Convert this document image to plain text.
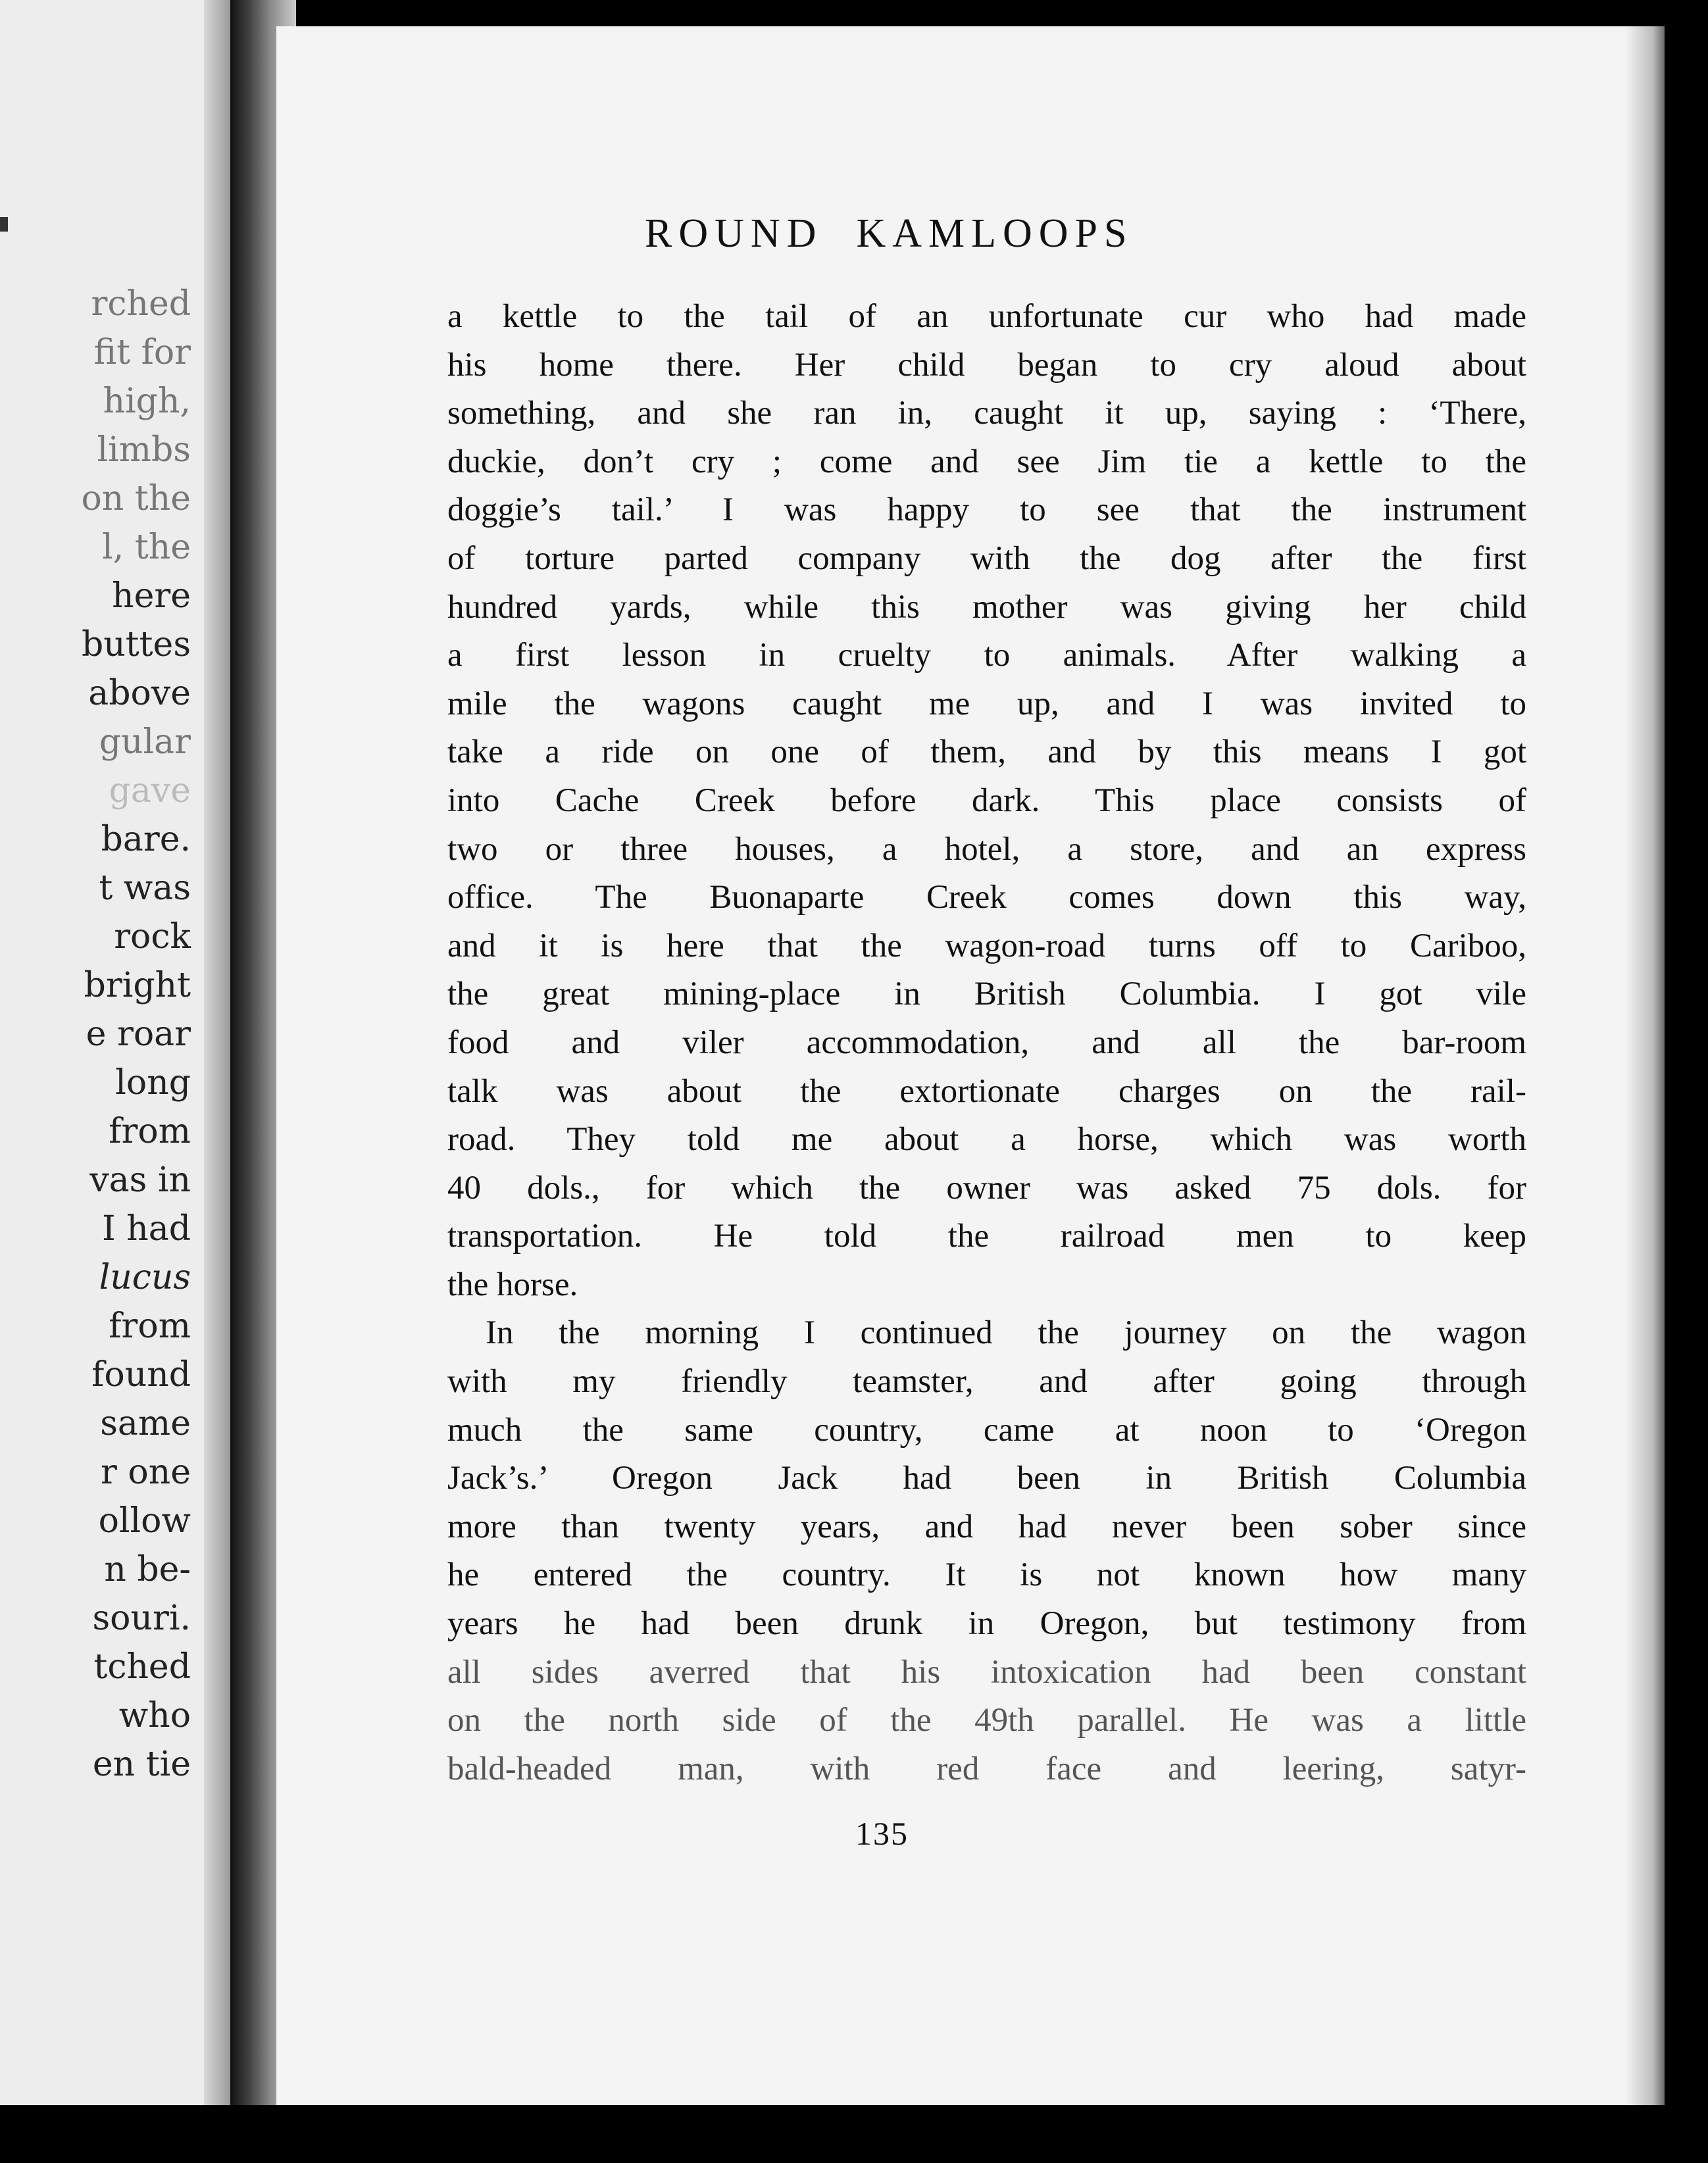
rched
fit for
high,
limbs
on the
l, the
here
buttes
above
gular
gave
bare.
t was
rock
bright
e roar
long
from
vas in
I had
lucus
from
found
same
r one
ollow
n be-
souri.
tched
who
en tie
ROUND KAMLOOPS
a kettle to the tail of an unfortunate cur who had made
his home there. Her child began to cry aloud about
something, and she ran in, caught it up, saying : ‘There,
duckie, don’t cry ; come and see Jim tie a kettle to the
doggie’s tail.’ I was happy to see that the instrument
of torture parted company with the dog after the first
hundred yards, while this mother was giving her child
a first lesson in cruelty to animals. After walking a
mile the wagons caught me up, and I was invited to
take a ride on one of them, and by this means I got
into Cache Creek before dark. This place consists of
two or three houses, a hotel, a store, and an express
office. The Buonaparte Creek comes down this way,
and it is here that the wagon-road turns off to Cariboo,
the great mining-place in British Columbia. I got vile
food and viler accommodation, and all the bar-room
talk was about the extortionate charges on the rail-
road. They told me about a horse, which was worth
40 dols., for which the owner was asked 75 dols. for
transportation. He told the railroad men to keep
the horse.
In the morning I continued the journey on the wagon
with my friendly teamster, and after going through
much the same country, came at noon to ‘Oregon
Jack’s.’ Oregon Jack had been in British Columbia
more than twenty years, and had never been sober since
he entered the country. It is not known how many
years he had been drunk in Oregon, but testimony from
all sides averred that his intoxication had been constant
on the north side of the 49th parallel. He was a little
bald-headed man, with red face and leering, satyr-
135
